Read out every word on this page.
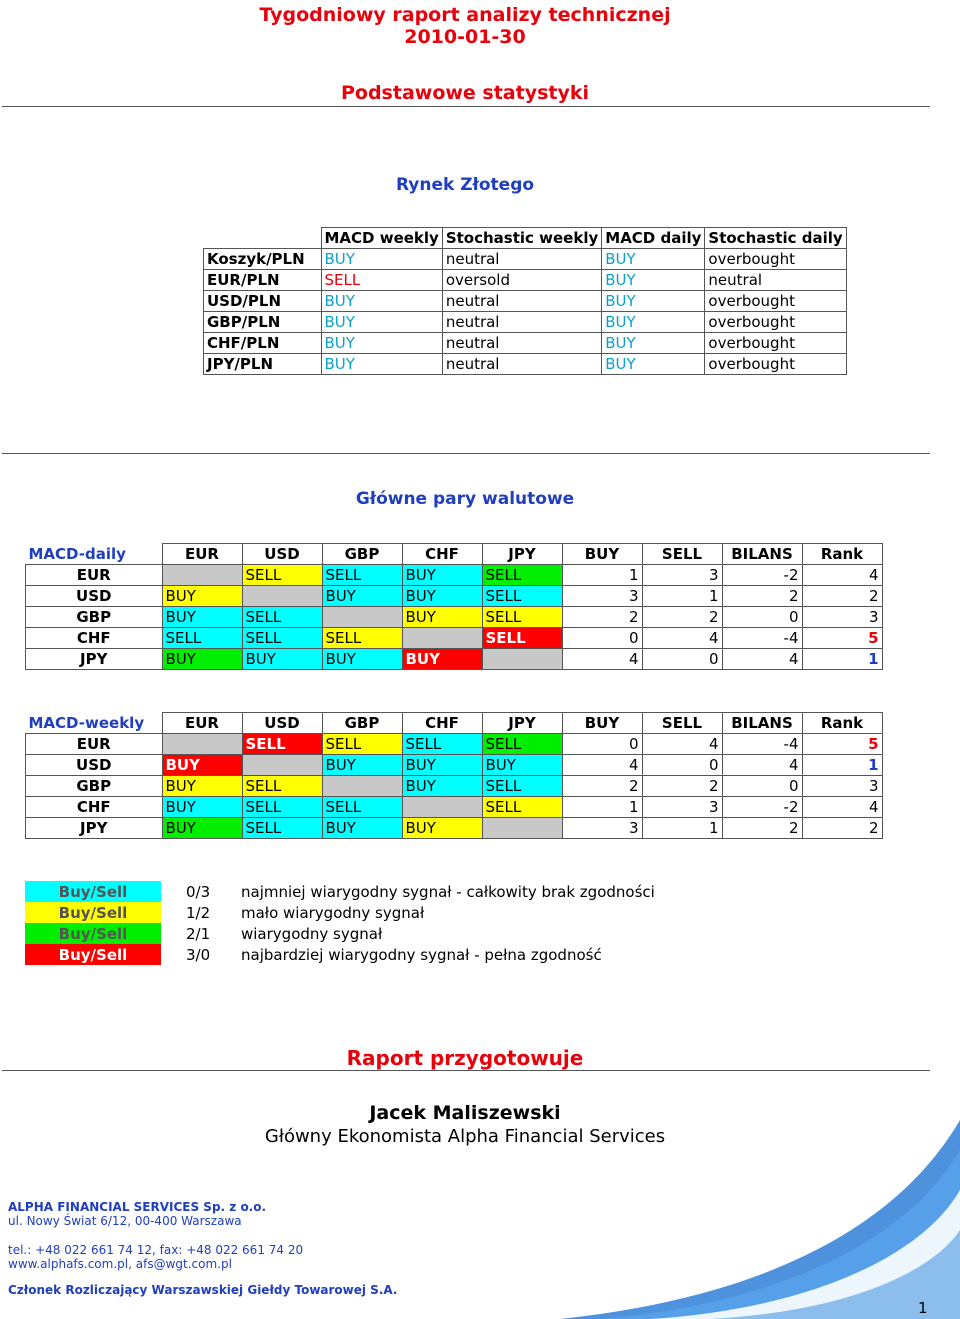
Tygodniowy raport analizy technicznej
2010-01-30
Podstawowe statystyki
Rynek Złotego
	MACD weekly	Stochastic weekly	MACD daily	Stochastic daily
Koszyk/PLN	BUY	neutral	BUY	overbought
EUR/PLN	SELL	oversold	BUY	neutral
USD/PLN	BUY	neutral	BUY	overbought
GBP/PLN	BUY	neutral	BUY	overbought
CHF/PLN	BUY	neutral	BUY	overbought
JPY/PLN	BUY	neutral	BUY	overbought
Główne pary walutowe
MACD-daily	EUR	USD	GBP	CHF	JPY	BUY	SELL	BILANS	Rank
EUR		SELL	SELL	BUY	SELL	1	3	-2	4
USD	BUY		BUY	BUY	SELL	3	1	2	2
GBP	BUY	SELL		BUY	SELL	2	2	0	3
CHF	SELL	SELL	SELL		SELL	0	4	-4	5
JPY	BUY	BUY	BUY	BUY		4	0	4	1
MACD-weekly	EUR	USD	GBP	CHF	JPY	BUY	SELL	BILANS	Rank
EUR		SELL	SELL	SELL	SELL	0	4	-4	5
USD	BUY		BUY	BUY	BUY	4	0	4	1
GBP	BUY	SELL		BUY	SELL	2	2	0	3
CHF	BUY	SELL	SELL		SELL	1	3	-2	4
JPY	BUY	SELL	BUY	BUY		3	1	2	2
Buy/Sell	0/3	najmniej wiarygodny sygnał - całkowity brak zgodności
Buy/Sell	1/2	mało wiarygodny sygnał
Buy/Sell	2/1	wiarygodny sygnał
Buy/Sell	3/0	najbardziej wiarygodny sygnał - pełna zgodność
Raport przygotowuje
Jacek Maliszewski
Główny Ekonomista Alpha Financial Services
ALPHA FINANCIAL SERVICES Sp. z o.o.
ul. Nowy Świat 6/12, 00-400 Warszawa
tel.: +48 022 661 74 12, fax: +48 022 661 74 20
www.alphafs.com.pl, afs@wgt.com.pl
Członek Rozliczający Warszawskiej Giełdy Towarowej S.A.
1
